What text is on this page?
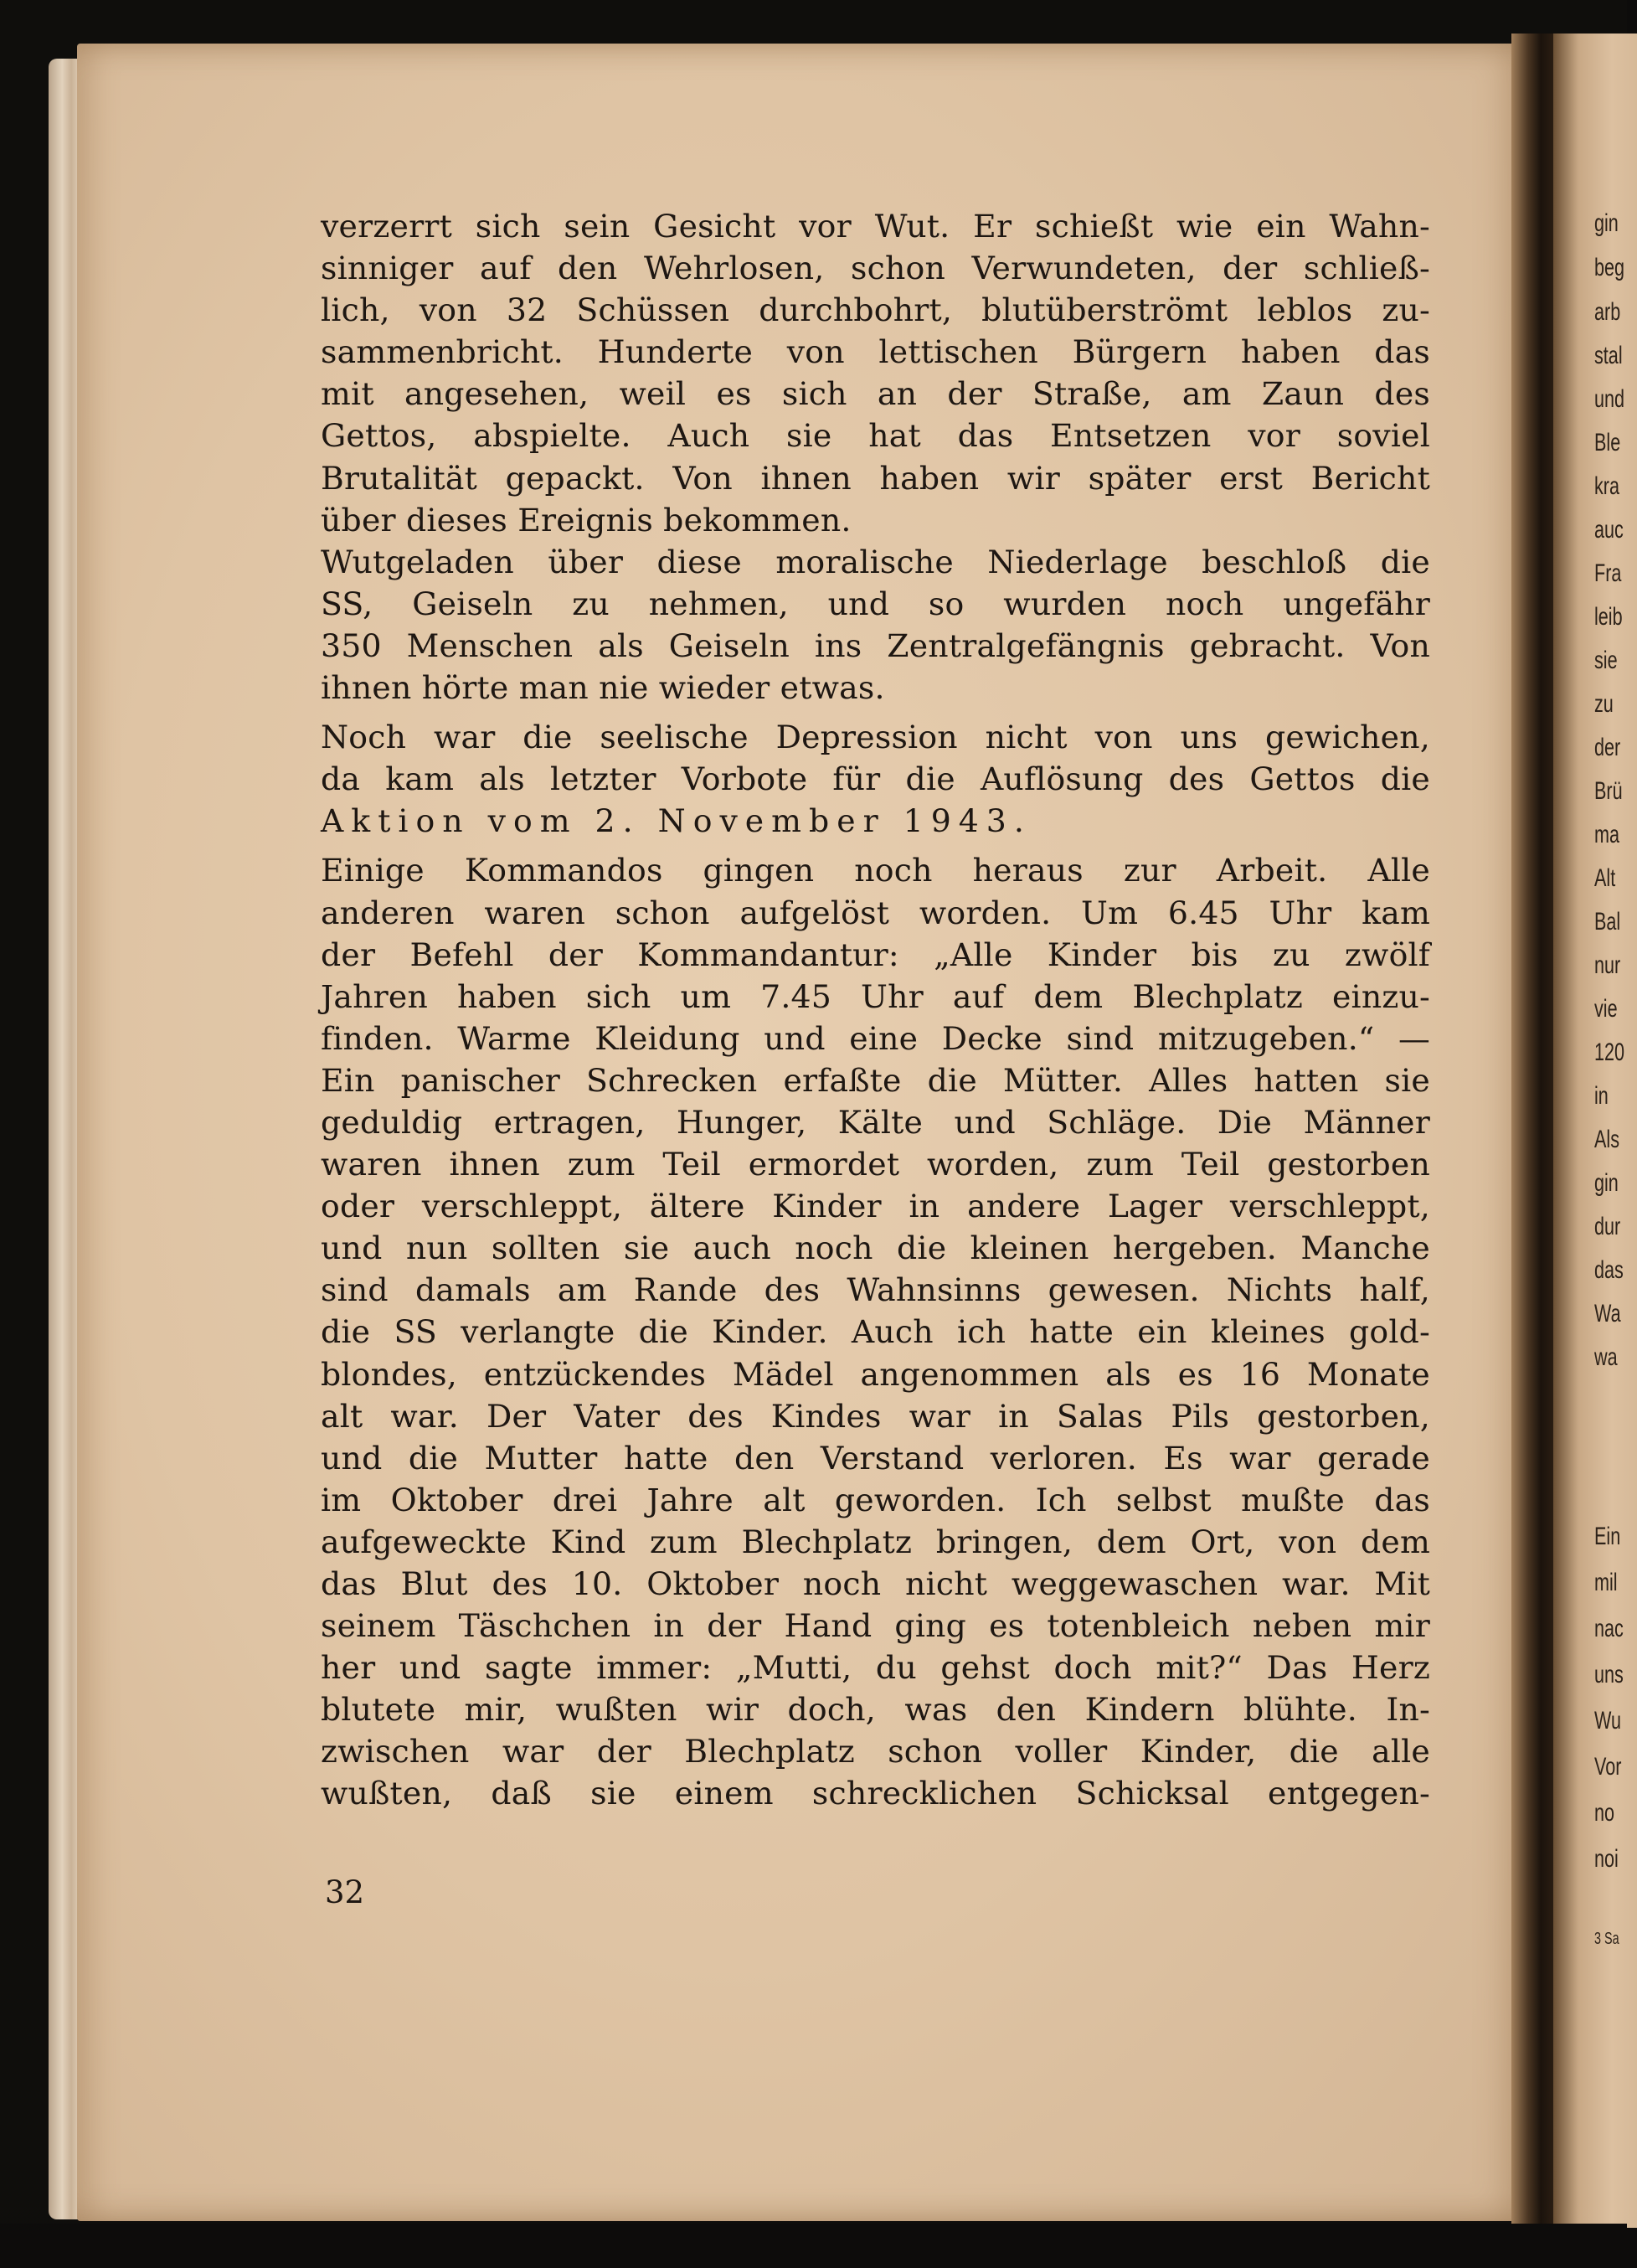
verzerrt sich sein Gesicht vor Wut. Er schießt wie ein Wahn-
sinniger auf den Wehrlosen, schon Verwundeten, der schließ-
lich, von 32 Schüssen durchbohrt, blutüberströmt leblos zu-
sammenbricht. Hunderte von lettischen Bürgern haben das
mit angesehen, weil es sich an der Straße, am Zaun des
Gettos, abspielte. Auch sie hat das Entsetzen vor soviel
Brutalität gepackt. Von ihnen haben wir später erst Bericht
über dieses Ereignis bekommen.
Wutgeladen über diese moralische Niederlage beschloß die
SS, Geiseln zu nehmen, und so wurden noch ungefähr
350 Menschen als Geiseln ins Zentralgefängnis gebracht. Von
ihnen hörte man nie wieder etwas.
Noch war die seelische Depression nicht von uns gewichen,
da kam als letzter Vorbote für die Auflösung des Gettos die
Aktion vom 2. November 1943.
Einige Kommandos gingen noch heraus zur Arbeit. Alle
anderen waren schon aufgelöst worden. Um 6.45 Uhr kam
der Befehl der Kommandantur: „Alle Kinder bis zu zwölf
Jahren haben sich um 7.45 Uhr auf dem Blechplatz einzu-
finden. Warme Kleidung und eine Decke sind mitzugeben.“ —
Ein panischer Schrecken erfaßte die Mütter. Alles hatten sie
geduldig ertragen, Hunger, Kälte und Schläge. Die Männer
waren ihnen zum Teil ermordet worden, zum Teil gestorben
oder verschleppt, ältere Kinder in andere Lager verschleppt,
und nun sollten sie auch noch die kleinen hergeben. Manche
sind damals am Rande des Wahnsinns gewesen. Nichts half,
die SS verlangte die Kinder. Auch ich hatte ein kleines gold-
blondes, entzückendes Mädel angenommen als es 16 Monate
alt war. Der Vater des Kindes war in Salas Pils gestorben,
und die Mutter hatte den Verstand verloren. Es war gerade
im Oktober drei Jahre alt geworden. Ich selbst mußte das
aufgeweckte Kind zum Blechplatz bringen, dem Ort, von dem
das Blut des 10. Oktober noch nicht weggewaschen war. Mit
seinem Täschchen in der Hand ging es totenbleich neben mir
her und sagte immer: „Mutti, du gehst doch mit?“ Das Herz
blutete mir, wußten wir doch, was den Kindern blühte. In-
zwischen war der Blechplatz schon voller Kinder, die alle
wußten, daß sie einem schrecklichen Schicksal entgegen-
32
gin
beg
arb
stal
und
Ble
kra
auc
Fra
leib
sie
zu
der
Brü
ma
Alt
Bal
nur
vie
120
in
Als
gin
dur
das
Wa
wa
Ein
mil
nac
uns
Wu
Vor
no
noi
3 Sa
